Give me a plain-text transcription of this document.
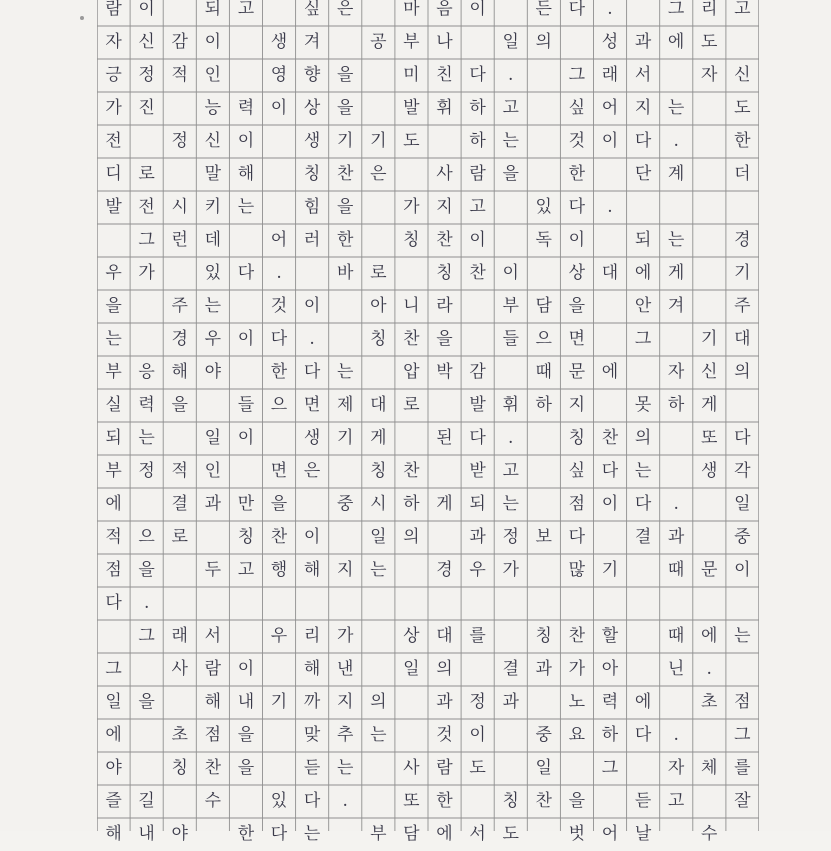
람 이	되 고	싶 은	마 음 이	든 다	.	그 리 고
자 신 감 이	생 겨	공 부 나	일 의	성 과 에 도
긍 정 적 인	영 향 을	미 친 다	.	그 래 서	자 신
가 진	능 력 이 상 을	발 휘 하 고	싶 어 지 는	도
전	정 신 이	생 기 기 도	하 는	것 이 다	.	한
디 로	말 해	칭 찬 은	사 람 을	한	단 계	더
발 전 시 키 는	힘 을	가 지 고	있 다	.
그 런 데	어 러 한	칭 찬 이	독 이	되 는	경
우 가	있 다	.	바 로	칭 찬 이	상 대 에 게	기
을	주 는	것 이	아 니 라	부 담 을	안 겨	주
는	경 우 이 다	.	칭 찬 을	들 으 면	그	기 대
부 응 해 야	한 다 는	압 박 감	때 문 에	자 신 의
실 력 을	들 으 면 제 대 로	발 휘 하 지	못 하 게
되 는	일 이	생 기 게	된 다	.	칭 찬 의	또 다
부 정 적 인	면 은	칭 찬	받 고	싶 다 는	생 각
에	결 과 만 을	중 시 하 게 되 는	점 이 다	.	일
적 으 로	칭 찬 이	일 의	과 정 보 다	결 과	중
점 을	두 고 행 해 지 는	경 우 가	많 기	때 문 이
다	.
그 래 서	우 리 가	상 대 를	칭 찬 할	때 에 는
그	사 람 이	해 낸	일 의	결 과 가 아	닌	.
일 을	해 내 기 까 지 의	과 정 과	노 력 에	초 점
에	초 점 을	맞 추 는	것 이	중 요 하 다	.	그
야	칭 찬 을	듣 는	사 람 도	일	그	자 체 를
즐 길	수	있 다	.	또 한	칭 찬 을	듣 고	잘
해 내 야	한 다 는	부 담 에 서 도	벗 어 날	수
